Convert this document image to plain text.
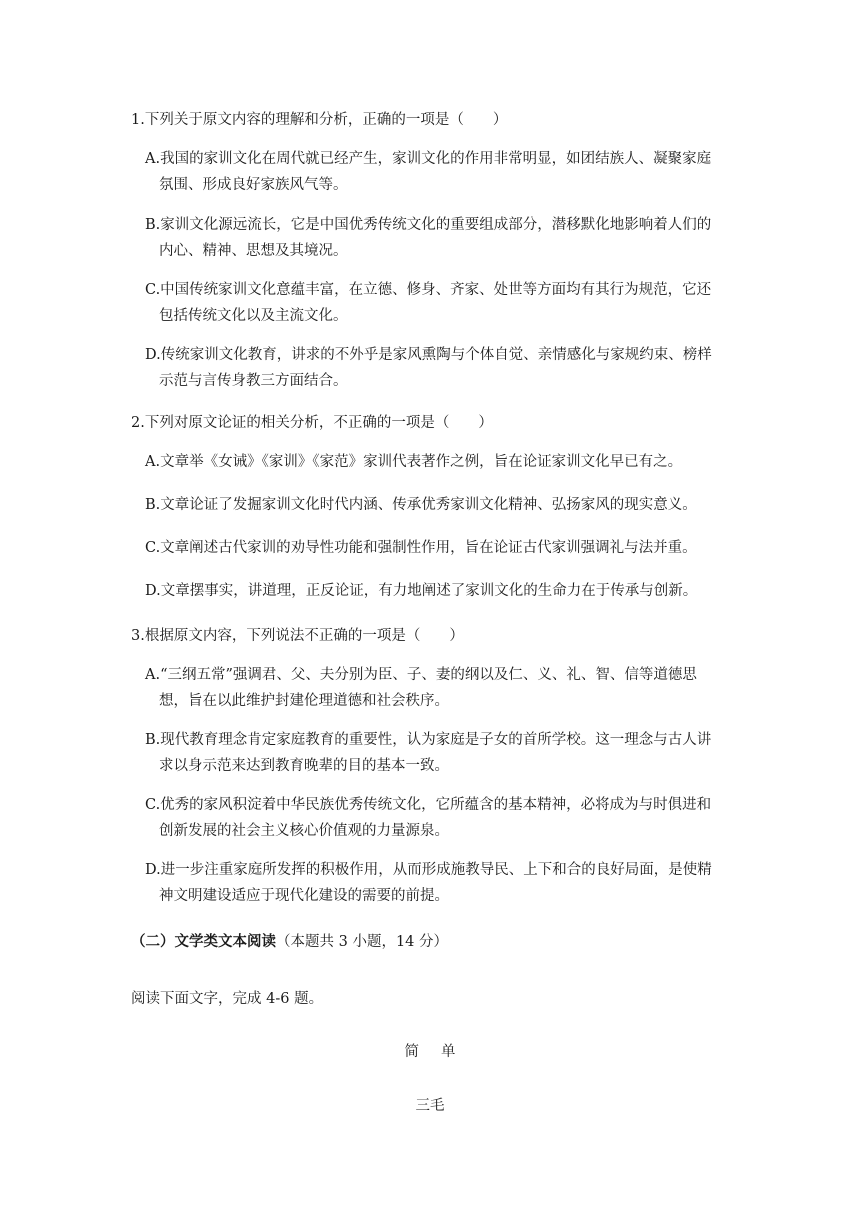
1.下列关于原文内容的理解和分析，正确的一项是（　　）
A.我国的家训文化在周代就已经产生，家训文化的作用非常明显，如团结族人、凝聚家庭
氛围、形成良好家族风气等。
B.家训文化源远流长，它是中国优秀传统文化的重要组成部分，潜移默化地影响着人们的
内心、精神、思想及其境况。
C.中国传统家训文化意蕴丰富，在立德、修身、齐家、处世等方面均有其行为规范，它还
包括传统文化以及主流文化。
D.传统家训文化教育，讲求的不外乎是家风熏陶与个体自觉、亲情感化与家规约束、榜样
示范与言传身教三方面结合。
2.下列对原文论证的相关分析，不正确的一项是（　　）
A.文章举《女诫》《家训》《家范》家训代表著作之例，旨在论证家训文化早已有之。
B.文章论证了发掘家训文化时代内涵、传承优秀家训文化精神、弘扬家风的现实意义。
C.文章阐述古代家训的劝导性功能和强制性作用，旨在论证古代家训强调礼与法并重。
D.文章摆事实，讲道理，正反论证，有力地阐述了家训文化的生命力在于传承与创新。
3.根据原文内容，下列说法不正确的一项是（　　）
A.“三纲五常”强调君、父、夫分别为臣、子、妻的纲以及仁、义、礼、智、信等道德思
想，旨在以此维护封建伦理道德和社会秩序。
B.现代教育理念肯定家庭教育的重要性，认为家庭是子女的首所学校。这一理念与古人讲
求以身示范来达到教育晚辈的目的基本一致。
C.优秀的家风积淀着中华民族优秀传统文化，它所蕴含的基本精神，必将成为与时俱进和
创新发展的社会主义核心价值观的力量源泉。
D.进一步注重家庭所发挥的积极作用，从而形成施教导民、上下和合的良好局面，是使精
神文明建设适应于现代化建设的需要的前提。
（二）文学类文本阅读（本题共 3 小题，14 分）
阅读下面文字，完成 4-6 题。
简单
三毛
